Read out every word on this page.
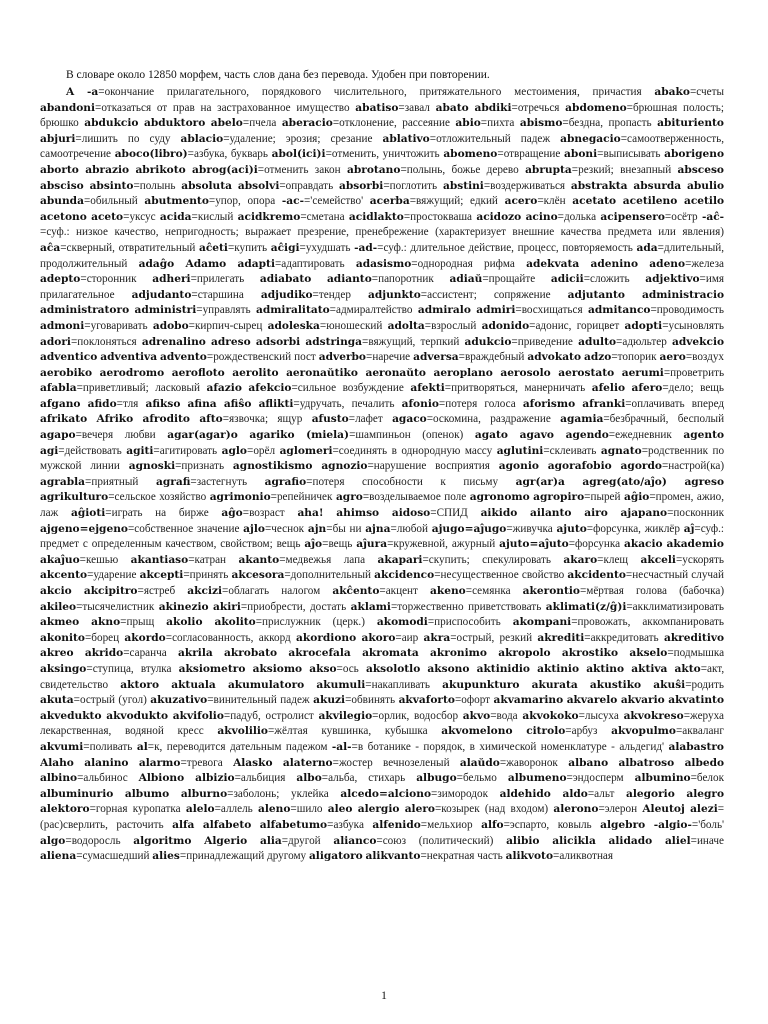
В словаре около 12850 морфем, часть слов дана без перевода. Удобен при повторении.

A -a=окончание прилагательного, порядкового числительного, притяжательного местоимения, причастия abako=счеты abandoni=отказаться от прав на застрахованное имущество abatiso=завал abato abdiki=отречься abdomeno=брюшная полость; брюшко abdukcio abduktoro abelo=пчела aberacio=отклонение, рассеяние abio=пихта abismo=бездна, пропасть abituriento abjuri=лишить по суду ablacio=удаление; эрозия; срезание ablativo=отложительный падеж abnegacio=самоотверженность, самоотречение aboco(libro)=азбука, букварь abol(ici)i=отменить, уничтожить abomeno=отвращение aboni=выписывать aborigeno aborto abrazio abrikoto abrog(aci)i=отменить закон abrotano=полынь, божье дерево abrupta=резкий; внезапный absceso absciso absinto=полынь absoluta absolvi=оправдать absorbi=поглотить abstini=воздерживаться abstrakta absurda abulio abunda=обильный abutmento=упор, опора -ac-='семейство' acerba=вяжущий; едкий acero=клён acetato acetileno acetilo acetono aceto=уксус acida=кислый acidkremo=сметана acidlakto=простокваша acidozo acino=долька acipensero=осётр -aĉ-=суф.: низкое качество, непригодность; выражает презрение, пренебрежение (характеризует внешние качества предмета или явления) aĉa=скверный, отвратительный aĉeti=купить aĉigi=ухудшать -ad-=суф.: длительное действие, процесс, повторяемость ada=длительный, продолжительный adaĝo Adamo adapti=адаптировать adasismo=однородная рифма adekvata adenino adeno=железа adepto=сторонник adheri=прилегать adiabato adianto=папоротник adiaŭ=прощайте adicii=сложить adjektivo=имя прилагательное adjudanto=старшина adjudiko=тендер adjunkto=ассистент; сопряжение adjutanto administracio administratoro administri=управлять admiralitato=адмиралтейство admiralo admiri=восхищаться admitanco=проводимость admoni=уговаривать adobo=кирпич-сырец adoleska=юношеский adolta=взрослый adonido=адонис, горицвет adopti=усыновлять adori=поклоняться adrenalino adreso adsorbi adstringa=вяжущий, терпкий adukcio=приведение adulto=адюльтер advekcio adventico adventiva advento=рождественский пост adverbo=наречие adversa=враждебный advokato adzo=топорик aero=воздух aerobiko aerodromo aerofloto aerolito aeronaŭtiko aeronaŭto aeroplano aerosolo aerostato aerumi=проветрить afabla=приветливый; ласковый afazio afekcio=сильное возбуждение afekti=притворяться, манерничать afelio afero=дело; вещь afgano afido=тля afikso afina afiŝo aflikti=удручать, печалить afonio=потеря голоса aforismo afranki=оплачивать вперед afrikato Afriko afrodito afto=язвочка; ящур afusto=лафет agaco=оскомина, раздражение agamia=безбрачный, бесполый agapo=вечеря любви agar(agar)o agariko (miela)=шампиньон (опенок) agato agavo agendo=ежедневник agento agi=действовать agiti=агитировать aglo=орёл aglomeri=соединять в однородную массу aglutini=склеивать agnato=родственник по мужской линии agnoski=признать agnostikismo agnozio=нарушение восприятия agonio agorafobio agordo=настрой(ка) agrabla=приятный agrafi=застегнуть agrafio=потеря способности к письму agr(ar)a agreg(ato/aĵo) agreso agrikulturo=сельское хозяйство agrimonio=репейничек agro=возделываемое поле agronomo agropiro=пырей aĝio=промен, ажио, лаж aĝioti=играть на бирже aĝo=возраст aha! ahimso aidoso=СПИД aikido ailanto airo ajapano=посконник ajgeno=ejgeno=собственное значение ajlo=чеснок ajn=бы ни ajna=любой ajugo=aĵugo=живучка ajuto=форсунка, жиклёр aĵ=суф.: предмет с определенным качеством, свойством; вещь aĵo=вещь aĵura=кружевной, ажурный ajuto=aĵuto=форсунка akacio akademio akaĵuo=кешью akantiaso=катран akanto=медвежья лапа akapari=скупить; спекулировать akaro=клещ akceli=ускорять akcento=ударение akcepti=принять akcesora=дополнительный akcidenco=несущественное свойство akcidento=несчастный случай akcio akcipitro=ястреб akcizi=облагать налогом akĉento=акцент akeno=семянка akerontio=мёртвая голова (бабочка) akileo=тысячелистник akinezio akiri=приобрести, достать aklami=торжественно приветствовать aklimati(z/ĝ)i=акклиматизировать akmeo akno=прыщ akolio akolito=прислужник (церк.) akomodi=приспособить akompani=провожать, аккомпанировать akonito=борец akordo=согласованность, аккорд akordiono akoro=аир akra=острый, резкий akrediti=аккредитовать akreditivo akreo akrido=саранча akrila akrobato akrocefala akromata akronimo akropolo akrostiko akselo=подмышка aksingo=ступица, втулка aksiometro aksiomo akso=ось aksolotlo aksono aktinidio aktinio aktino aktiva akto=акт, свидетельство aktoro aktuala akumulatoro akumuli=накапливать akupunkturo akurata akustiko akuŝi=родить akuta=острый (угол) akuzativo=винительный падеж akuzi=обвинять akvaforto=офорт akvamarino akvarelo akvario akvatinto akvedukto akvodukto akvifolio=падуб, остролист akvilegio=орлик, водосбор akvo=вода akvokoko=лысуха akvokreso=жеруха лекарственная, водяной кресс akvolilio=жёлтая кувшинка, кубышка akvomelono citrolo=арбуз akvopulmo=акваланг akvumi=поливать al=к, переводится дательным падежом -al-=в ботанике - порядок, в химической номенклатуре - альдегид' alabastro Alaho alanino alarmo=тревога Alasko alaterno=жостер вечнозеленый alaŭdo=жаворонок albano albatroso albedo albino=альбинос Albiono albizio=альбиция albo=альба, стихарь albugo=бельмо albumeno=эндосперм albumino=белок albuminurio albumo alburno=заболонь; уклейка alcedo=alciono=зимородок aldehido aldo=альт alegorio alegro alektoro=горная куропатка alelo=аллель aleno=шило aleo alergio alero=козырек (над входом) alerono=элерон Aleutoj alezi=(рас)сверлить, расточить alfa alfabeto alfabetumo=азбука alfenido=мельхиор alfo=эспарто, ковыль algebro -algio-='боль' algo=водоросль algoritmo Algerio alia=другой alianco=союз (политический) alibio alicikla alidado aliel=иначе aliena=сумасшедший alies=принадлежащий другому aligatoro alikvanto=некратная часть alikvoto=аликвотная

1
